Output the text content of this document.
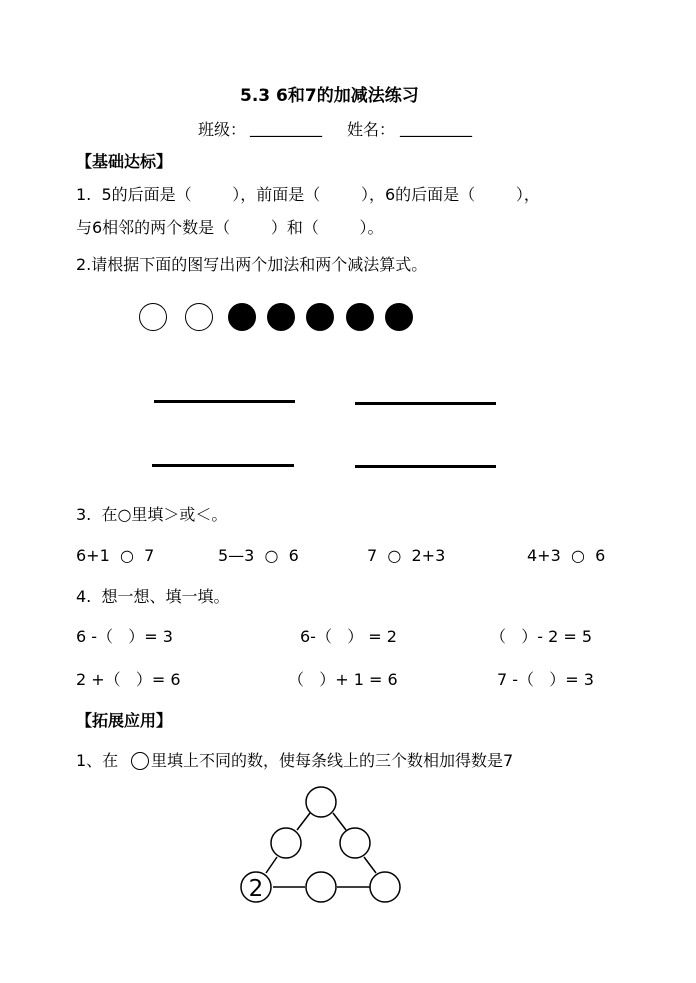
5.3 6和7的加减法练习
班级： _________ 姓名： _________
【基础达标】
1.  5的后面是（        ），前面是（        ），6的后面是（        ），
与6相邻的两个数是（        ）和（        ）。
2.请根据下面的图写出两个加法和两个减法算式。
3.  在○里填＞或＜。
6+1  ○  7	5—3  ○  6	7  ○  2+3	4+3  ○  6
4.  想一想、填一填。
6 -（   ）= 3	6-（   ） = 2	（   ）- 2 = 5
2 +（   ）= 6	（   ）+ 1 = 6	7 -（   ）= 3
【拓展应用】
1、在 里填上不同的数，使每条线上的三个数相加得数是7
2
